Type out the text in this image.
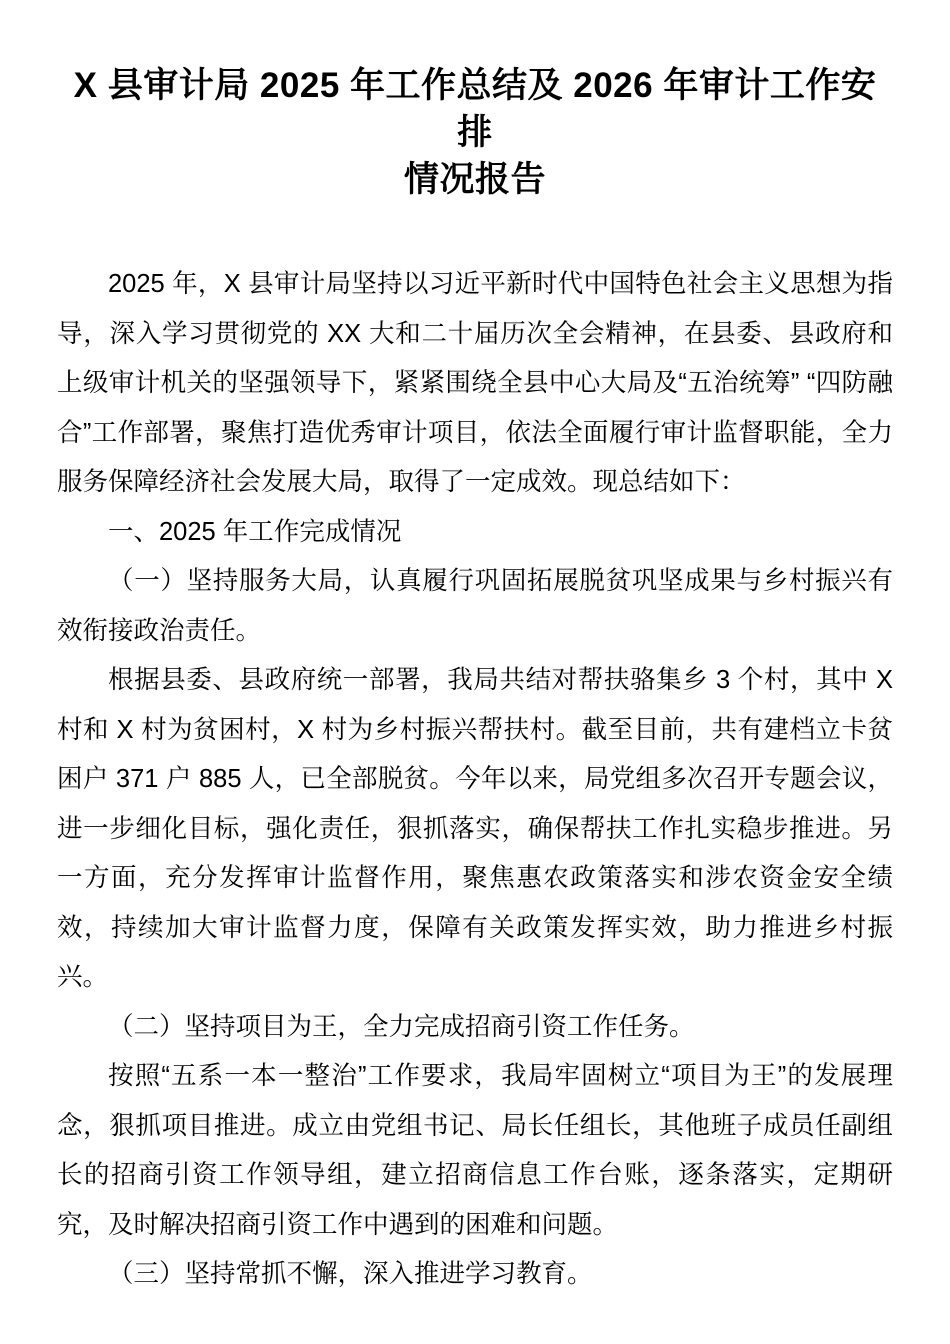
X 县审计局 2025 年工作总结及 2026 年审计工作安排
情况报告

2025 年，X 县审计局坚持以习近平新时代中国特色社会主义思想为指导，深入学习贯彻党的 XX 大和二十届历次全会精神，在县委、县政府和上级审计机关的坚强领导下，紧紧围绕全县中心大局及“五治统筹” “四防融合”工作部署，聚焦打造优秀审计项目，依法全面履行审计监督职能，全力服务保障经济社会发展大局，取得了一定成效。现总结如下：

一、2025 年工作完成情况

（一）坚持服务大局，认真履行巩固拓展脱贫巩坚成果与乡村振兴有效衔接政治责任。

根据县委、县政府统一部署，我局共结对帮扶骆集乡 3 个村，其中 X 村和 X 村为贫困村，X 村为乡村振兴帮扶村。截至目前，共有建档立卡贫困户 371 户 885 人，已全部脱贫。今年以来，局党组多次召开专题会议，进一步细化目标，强化责任，狠抓落实，确保帮扶工作扎实稳步推进。另一方面，充分发挥审计监督作用，聚焦惠农政策落实和涉农资金安全绩效，持续加大审计监督力度，保障有关政策发挥实效，助力推进乡村振兴。

（二）坚持项目为王，全力完成招商引资工作任务。

按照“五系一本一整治”工作要求，我局牢固树立“项目为王”的发展理念，狠抓项目推进。成立由党组书记、局长任组长，其他班子成员任副组长的招商引资工作领导组，建立招商信息工作台账，逐条落实，定期研究，及时解决招商引资工作中遇到的困难和问题。

（三）坚持常抓不懈，深入推进学习教育。
